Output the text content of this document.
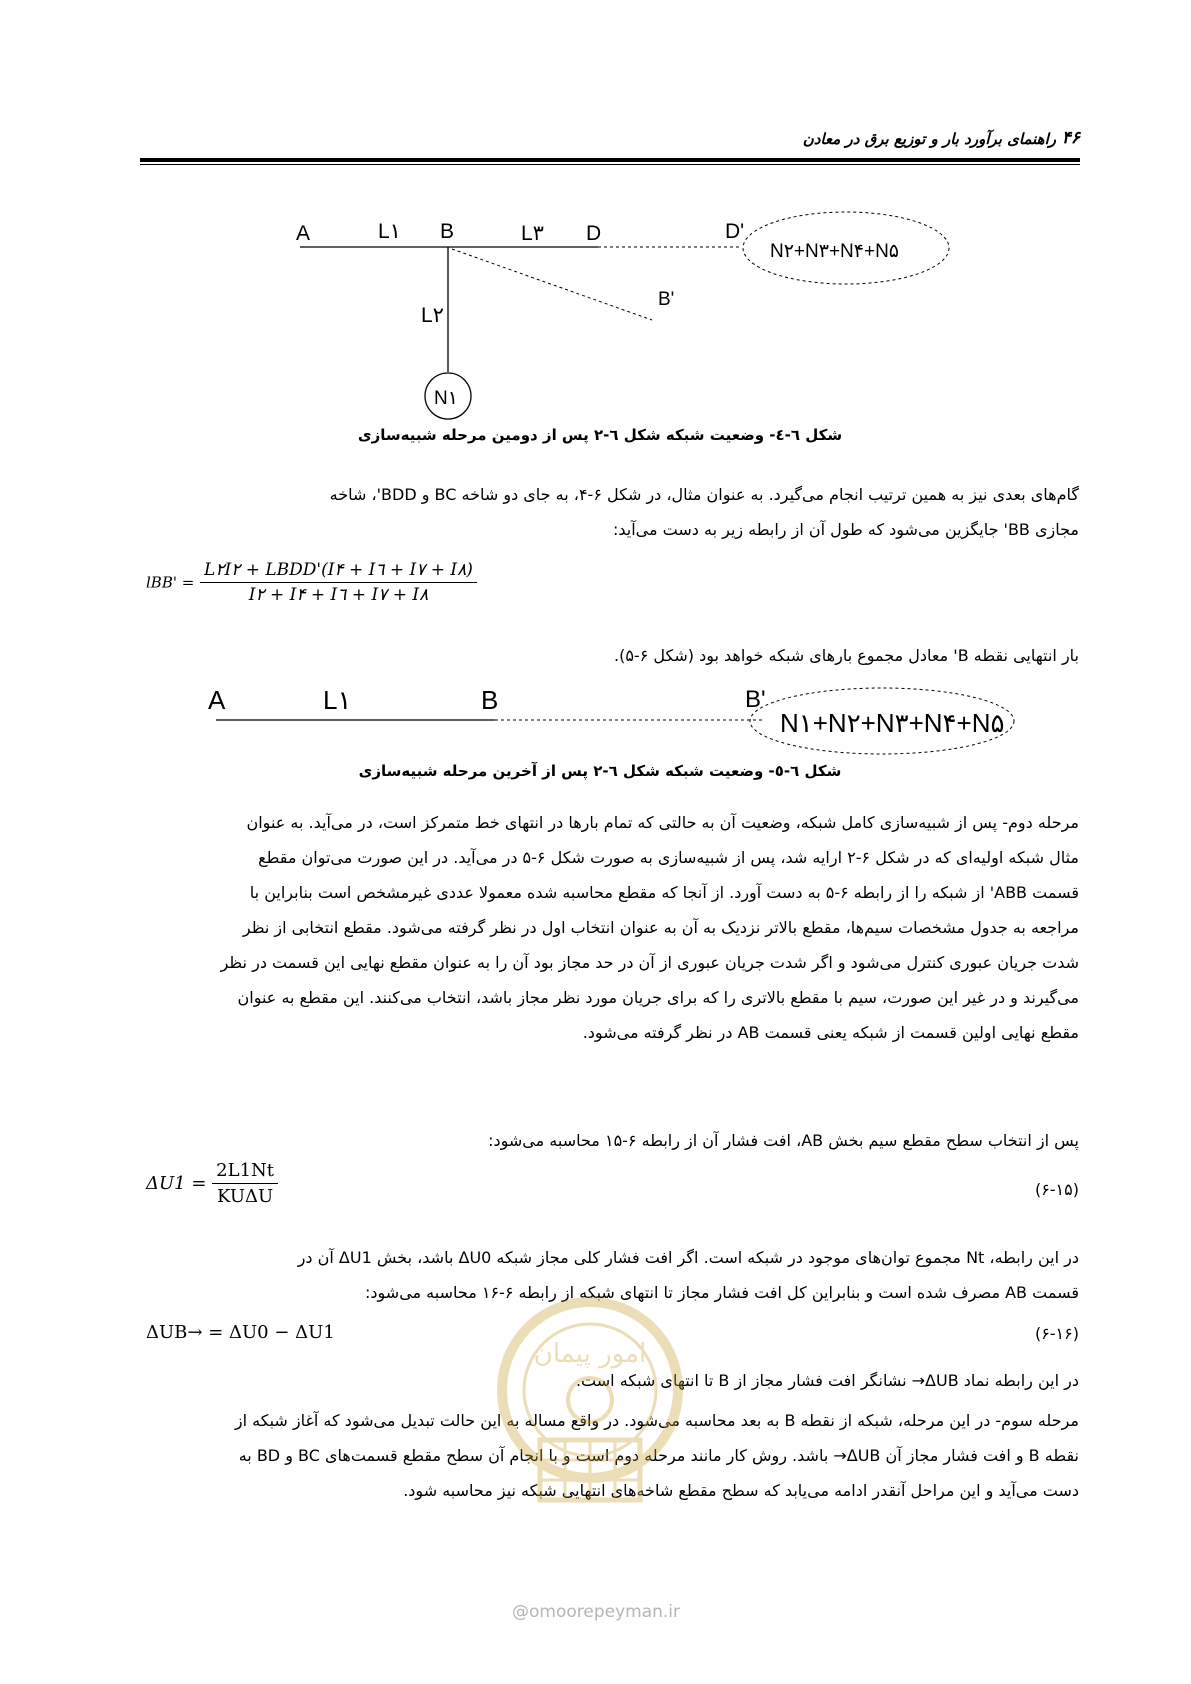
راهنمای برآورد بار و توزیع برق در معادن ۴۶
A	L۱ B	L۳ D	D'
N۲+N۳+N۴+N۵
B'
L۲
N۱
شکل ٦-٤- وضعیت شبکه شکل ٦-٢ پس از دومین مرحله شبیه‌سازی
گام‌های بعدی نیز به همین ترتیب انجام می‌گیرد. به عنوان مثال، در شکل ۶-۴، به جای دو شاخه BC و BDD'، شاخه
مجازی BB' جایگزین می‌شود که طول آن از رابطه زیر به دست می‌آید:
$lBB' = \frac{\text{L۲I۲ + LBDD'(I۴ + I٦ + I۷ + I۸)}}{I۲ + I۴ + I٦ + I۷ + I۸}$
بار انتهایی نقطه B' معادل مجموع بارهای شبکه خواهد بود (شکل ۶-۵).
A	L۱	B	B'
N۱+N۲+N۳+N۴+N۵
شکل ٦-٥- وضعیت شبکه شکل ٦-٢ پس از آخرین مرحله شبیه‌سازی
مرحله دوم- پس از شبیه‌سازی کامل شبکه، وضعیت آن به حالتی که تمام بارها در انتهای خط متمرکز است، در می‌آید. به عنوان
مثال شبکه اولیه‌ای که در شکل ۶-۲ ارایه شد، پس از شبیه‌سازی به صورت شکل ۶-۵ در می‌آید. در این صورت می‌توان مقطع
قسمت ABB' از شبکه را از رابطه ۶-۵ به دست آورد. از آنجا که مقطع محاسبه شده معمولا عددی غیرمشخص است بنابراین با
مراجعه به جدول مشخصات سیم‌ها، مقطع بالاتر نزدیک به آن به عنوان انتخاب اول در نظر گرفته می‌شود. مقطع انتخابی از نظر
شدت جریان عبوری کنترل می‌شود و اگر شدت جریان عبوری از آن در حد مجاز بود آن را به عنوان مقطع نهایی این قسمت در نظر
می‌گیرند و در غیر این صورت، سیم با مقطع بالاتری را که برای جریان مورد نظر مجاز باشد، انتخاب می‌کنند. این مقطع به عنوان
مقطع نهایی اولین قسمت از شبکه یعنی قسمت AB در نظر گرفته می‌شود.
پس از انتخاب سطح مقطع سیم بخش AB، افت فشار آن از رابطه ۶-۱۵ محاسبه می‌شود:
$\Delta U1 = \frac{2L1Nt}{\text{KUΔU}}$	(۶-۱۵)
در این رابطه، Nt مجموع توان‌های موجود در شبکه است. اگر افت فشار کلی مجاز شبکه ΔU0 باشد، بخش ΔU1 آن در
قسمت AB مصرف شده است و بنابراین کل افت فشار مجاز تا انتهای شبکه از رابطه ۶-۱۶ محاسبه می‌شود:
ΔUB→ = ΔU0 − ΔU1	(۶-۱۶)
در این رابطه نماد ΔUB→ نشانگر افت فشار مجاز از B تا انتهای شبکه است.
مرحله سوم- در این مرحله، شبکه از نقطه B به بعد محاسبه می‌شود. در واقع مساله به این حالت تبدیل می‌شود که آغاز شبکه از
نقطه B و افت فشار مجاز آن ΔUB→ باشد. روش کار مانند مرحله دوم است و با انجام آن سطح مقطع قسمت‌های BC و BD به
دست می‌آید و این مراحل آنقدر ادامه می‌یابد که سطح مقطع شاخه‌های انتهایی شبکه نیز محاسبه شود.
امور پیمان
@omoorepeyman.ir
